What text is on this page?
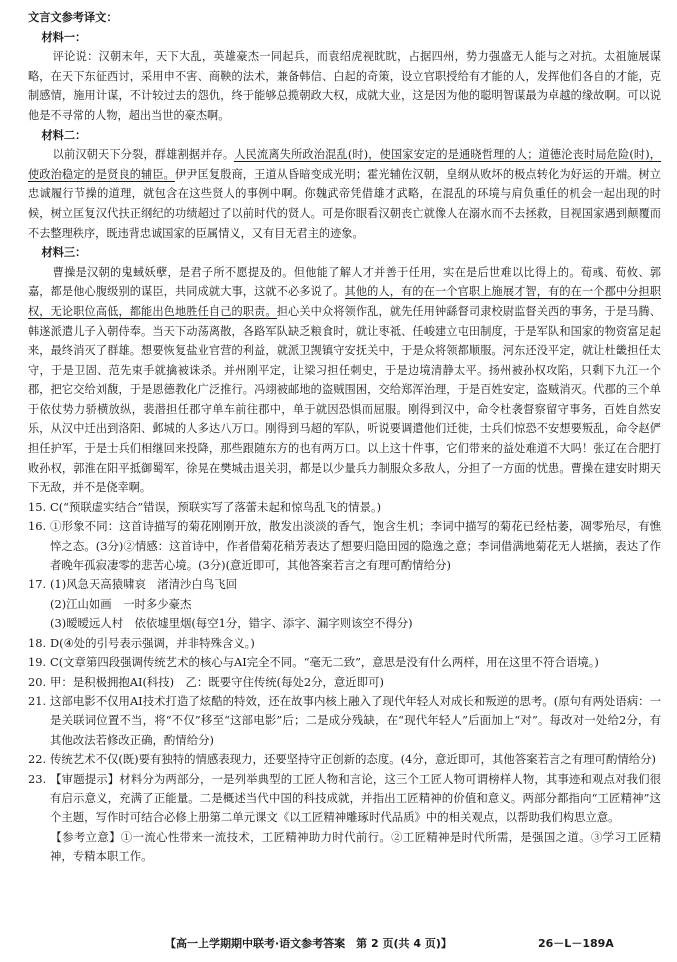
文言文参考译文：

材料一：

评论说：汉朝末年，天下大乱，英雄豪杰一同起兵，而袁绍虎视眈眈，占据四州，势力强盛无人能与之对抗。太祖施展谋略，在天下东征西讨，采用申不害、商鞅的法术，兼备韩信、白起的奇策，设立官职授给有才能的人，发挥他们各自的才能，克制感情，施用计谋，不计较过去的怨仇，终于能够总揽朝政大权，成就大业，这是因为他的聪明智谋最为卓越的缘故啊。可以说他是不寻常的人物，超出当世的豪杰啊。

材料二：

以前汉朝天下分裂，群雄割据并存。人民流离失所政治混乱(时)，使国家安定的是通晓哲理的人；道德沦丧时局危险(时)，使政治稳定的是贤良的辅臣。伊尹匡复殷商，王道从昏暗变成光明；霍光辅佐汉朝，皇纲从败坏的极点转化为好运的开端。树立忠诚履行节操的道理，就包含在这些贤人的事例中啊。你魏武帝凭借雄才武略，在混乱的环境与肩负重任的机会一起出现的时候，树立匡复汉代扶正纲纪的功绩超过了以前时代的贤人。可是你眼看汉朝丧亡就像人在溺水而不去拯救，目视国家遇到颠覆而不去整理秩序，既违背忠诚国家的臣属情义，又有目无君主的迹象。

材料三：

曹操是汉朝的鬼蜮妖孽，是君子所不愿提及的。但他能了解人才并善于任用，实在是后世难以比得上的。荀彧、荀攸、郭嘉，都是他心腹级别的谋臣，共同成就大事，这就不必多说了。其他的人，有的在一个官职上施展才智，有的在一个郡中分担职权，无论职位高低，都能出色地胜任自己的职责。担心关中众将领作乱，就先任用钟繇督司隶校尉监督关西的事务，于是马腾、韩遂派遣儿子入朝侍奉。当天下动荡离散，各路军队缺乏粮食时，就让枣祗、任峻建立屯田制度，于是军队和国家的物资富足起来，最终消灭了群雄。想要恢复盐业官营的利益，就派卫觊镇守安抚关中，于是众将领都顺服。河东还没平定，就让杜畿担任太守，于是卫固、范先束手就擒被诛杀。并州刚平定，让梁习担任刺史，于是边境清静太平。扬州被孙权攻陷，只剩下九江一个郡，把它交给刘馥，于是恩德教化广泛推行。冯翊被邮地的盗贼围困，交给郑浑治理，于是百姓安定，盗贼消灭。代郡的三个单于依仗势力骄横放纵，裴潜担任郡守单车前往郡中，单于就因恐惧而屈服。刚得到汉中，命令杜袭督察留守事务，百姓自然安乐，从汉中迁出到洛阳、邺城的人多达八万口。刚得到马超的军队，听说要调遣他们迁徙，士兵们惊恐不安想要叛乱，命令赵俨担任护军，于是士兵们相继回来投降，那些跟随东方的也有两万口。以上这十件事，它们带来的益处难道不大吗！张辽在合肥打败孙权，郭淮在阳平抵御蜀军，徐晃在樊城击退关羽，都是以少量兵力制服众多敌人，分担了一方面的忧患。曹操在建安时期天下无敌，并不是侥幸啊。

15. C(“预联虚实结合”错误，预联实写了落蕾未起和惊鸟乱飞的情景。)

16. ①形象不同：这首诗描写的菊花刚刚开放，散发出淡淡的香气，饱含生机；李词中描写的菊花已经枯萎，凋零殆尽，有憔悴之态。(3分)②情感：这首诗中，作者借菊花稍芳表达了想要归隐田园的隐逸之意；李词借满地菊花无人堪摘，表达了作者晚年孤寂凄零的悲苦心境。(3分)(意近即可，其他答案若言之有理可酌情给分)

17. (1)风急天高猿啸哀　渚清沙白鸟飞回

(2)江山如画　一时多少豪杰

(3)暧暧远人村　依依墟里烟(每空1分，错字、添字、漏字则该空不得分)

18. D(④处的引号表示强调，并非特殊含义。)

19. C(文章第四段强调传统艺术的核心与AI完全不同。“毫无二致”，意思是没有什么两样，用在这里不符合语境。)

20. 甲：是积极拥抱AI(科技)　乙：既要守住传统(每处2分，意近即可)

21. 这部电影不仅用AI技术打造了炫酷的特效，还在故事内核上融入了现代年轻人对成长和叛逆的思考。(原句有两处语病：一是关联词位置不当，将“不仅”移至“这部电影”后；二是成分残缺，在“现代年轻人”后面加上“对”。每改对一处给2分，有其他改法若修改正确，酌情给分)

22. 传统艺术不仅(既)要有独特的情感表现力，还要坚持守正创新的态度。(4分，意近即可，其他答案若言之有理可酌情给分)

23. 【审题提示】材料分为两部分，一是列举典型的工匠人物和言论，这三个工匠人物可谓榜样人物，其事迹和观点对我们很有启示意义，充满了正能量。二是概述当代中国的科技成就，并指出工匠精神的价值和意义。两部分都指向“工匠精神”这个主题，写作时可结合必修上册第二单元课文《以工匠精神雕琢时代品质》中的相关观点，以帮助我们构思立意。

【参考立意】①一流心性带来一流技术，工匠精神助力时代前行。②工匠精神是时代所需，是强国之道。③学习工匠精神，专精本职工作。

【高一上学期期中联考·语文参考答案　第 2 页(共 4 页)】	26－L－189A
